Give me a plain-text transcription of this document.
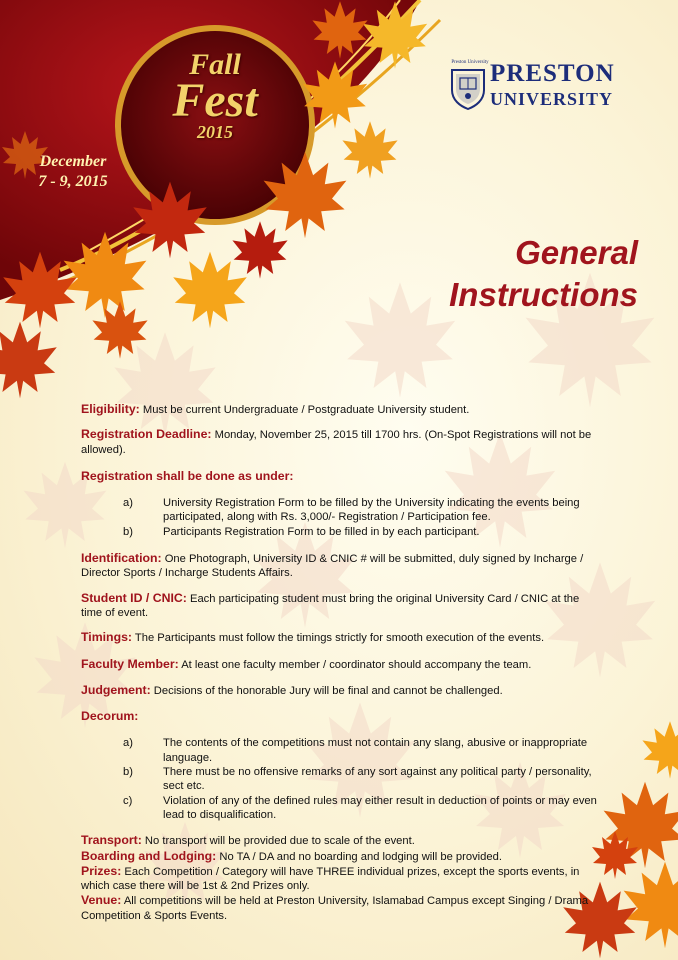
Fall
Fest
2015
December
7 - 9, 2015
Preston University PRESTON
UNIVERSITY
General
Instructions

Eligibility: Must be current Undergraduate / Postgraduate University student.

Registration Deadline: Monday, November 25, 2015 till 1700 hrs. (On-Spot Registrations will not be allowed).

Registration shall be done as under:

a)	University Registration Form to be filled by the University indicating the events being participated, along with Rs. 3,000/- Registration / Participation fee.
b)	Participants Registration Form to be filled in by each participant.

Identification: One Photograph, University ID & CNIC # will be submitted, duly signed by Incharge / Director Sports / Incharge Students Affairs.

Student ID / CNIC: Each participating student must bring the original University Card / CNIC at the time of event.

Timings: The Participants must follow the timings strictly for smooth execution of the events.

Faculty Member: At least one faculty member / coordinator should accompany the team.

Judgement: Decisions of the honorable Jury will be final and cannot be challenged.

Decorum:

a)	The contents of the competitions must not contain any slang, abusive or inappropriate language.
b)	There must be no offensive remarks of any sort against any political party / personality, sect etc.
c)	Violation of any of the defined rules may either result in deduction of points or may even lead to disqualification.

Transport: No transport will be provided due to scale of the event.

Boarding and Lodging: No TA / DA and no boarding and lodging will be provided.

Prizes: Each Competition / Category will have THREE individual prizes, except the sports events, in which case there will be 1st & 2nd Prizes only.

Venue: All competitions will be held at Preston University, Islamabad Campus except Singing / Drama Competition & Sports Events.
